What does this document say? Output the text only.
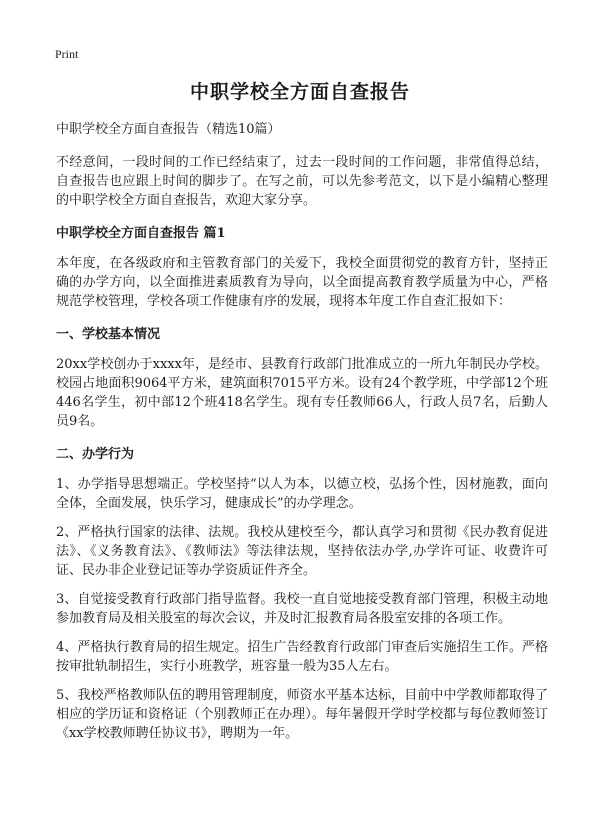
Print
中职学校全方面自查报告
中职学校全方面自查报告（精选10篇）

不经意间，一段时间的工作已经结束了，过去一段时间的工作问题，非常值得总结，自查报告也应跟上时间的脚步了。在写之前，可以先参考范文，以下是小编精心整理的中职学校全方面自查报告，欢迎大家分享。

中职学校全方面自查报告 篇1

本年度，在各级政府和主管教育部门的关爱下，我校全面贯彻党的教育方针，坚持正确的办学方向，以全面推进素质教育为导向，以全面提高教育教学质量为中心，严格规范学校管理，学校各项工作健康有序的发展，现将本年度工作自查汇报如下：

一、学校基本情况

20xx学校创办于xxxx年，是经市、县教育行政部门批准成立的一所九年制民办学校。校园占地面积9064平方米，建筑面积7015平方米。设有24个教学班，中学部12个班446名学生，初中部12个班418名学生。现有专任教师66人，行政人员7名，后勤人员9名。

二、办学行为

1、办学指导思想端正。学校坚持“以人为本，以德立校，弘扬个性，因材施教，面向全体，全面发展，快乐学习，健康成长”的办学理念。

2、严格执行国家的法律、法规。我校从建校至今，都认真学习和贯彻《民办教育促进法》、《义务教育法》、《教师法》等法律法规，坚持依法办学,办学许可证、收费许可证、民办非企业登记证等办学资质证件齐全。

3、自觉接受教育行政部门指导监督。我校一直自觉地接受教育部门管理，积极主动地参加教育局及相关股室的每次会议，并及时汇报教育局各股室安排的各项工作。

4、严格执行教育局的招生规定。招生广告经教育行政部门审查后实施招生工作。严格按审批轨制招生，实行小班教学，班容量一般为35人左右。

5、我校严格教师队伍的聘用管理制度，师资水平基本达标，目前中中学教师都取得了相应的学历证和资格证（个别教师正在办理）。每年暑假开学时学校都与每位教师签订《xx学校教师聘任协议书》，聘期为一年。
